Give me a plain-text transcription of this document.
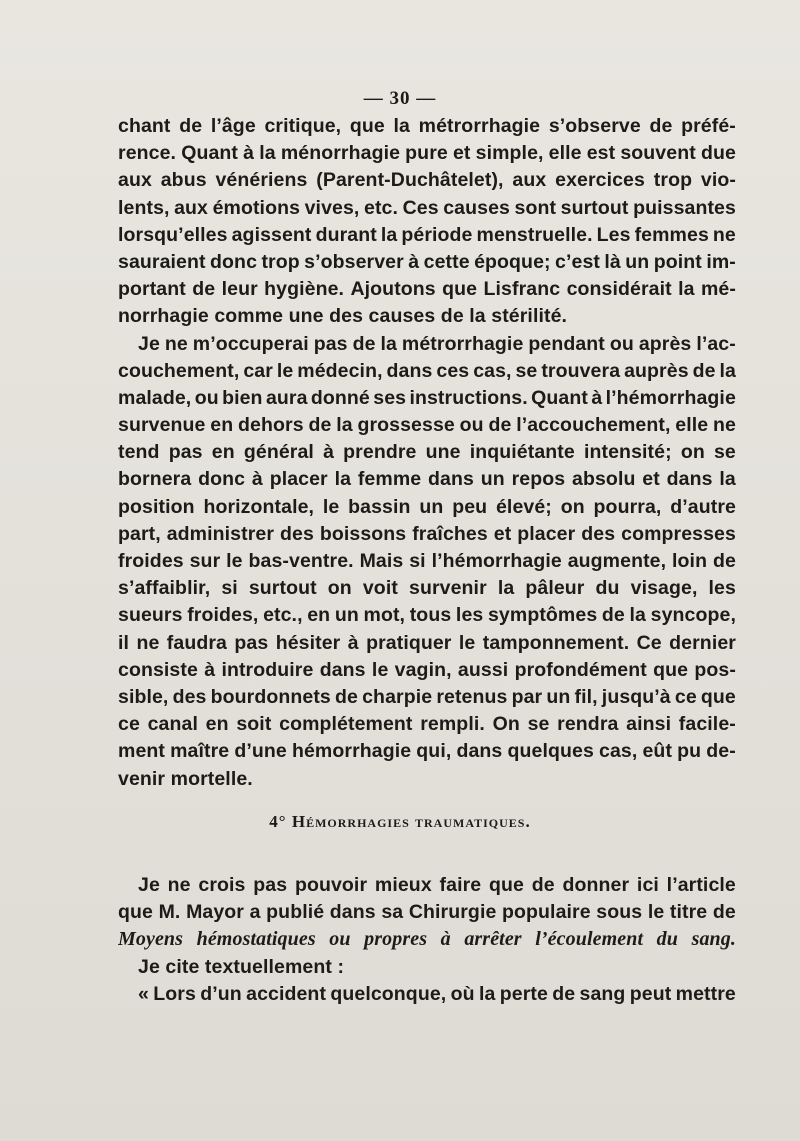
— 30 —
chant de l’âge critique, que la métrorrhagie s’observe de préfé-
rence. Quant à la ménorrhagie pure et simple, elle est souvent due
aux abus vénériens (Parent-Duchâtelet), aux exercices trop vio-
lents, aux émotions vives, etc. Ces causes sont surtout puissantes
lorsqu’elles agissent durant la période menstruelle. Les femmes ne
sauraient donc trop s’observer à cette époque; c’est là un point im-
portant de leur hygiène. Ajoutons que Lisfranc considérait la mé-
norrhagie comme une des causes de la stérilité.
Je ne m’occuperai pas de la métrorrhagie pendant ou après l’ac-
couchement, car le médecin, dans ces cas, se trouvera auprès de la
malade, ou bien aura donné ses instructions. Quant à l’hémorrhagie
survenue en dehors de la grossesse ou de l’accouchement, elle ne
tend pas en général à prendre une inquiétante intensité; on se
bornera donc à placer la femme dans un repos absolu et dans la
position horizontale, le bassin un peu élevé; on pourra, d’autre
part, administrer des boissons fraîches et placer des compresses
froides sur le bas-ventre. Mais si l’hémorrhagie augmente, loin de
s’affaiblir, si surtout on voit survenir la pâleur du visage, les
sueurs froides, etc., en un mot, tous les symptômes de la syncope,
il ne faudra pas hésiter à pratiquer le tamponnement. Ce dernier
consiste à introduire dans le vagin, aussi profondément que pos-
sible, des bourdonnets de charpie retenus par un fil, jusqu’à ce que
ce canal en soit complétement rempli. On se rendra ainsi facile-
ment maître d’une hémorrhagie qui, dans quelques cas, eût pu de-
venir mortelle.
4° Hémorrhagies traumatiques.
Je ne crois pas pouvoir mieux faire que de donner ici l’article
que M. Mayor a publié dans sa Chirurgie populaire sous le titre de
Moyens hémostatiques ou propres à arrêter l’écoulement du sang.
Je cite textuellement :
« Lors d’un accident quelconque, où la perte de sang peut mettre
